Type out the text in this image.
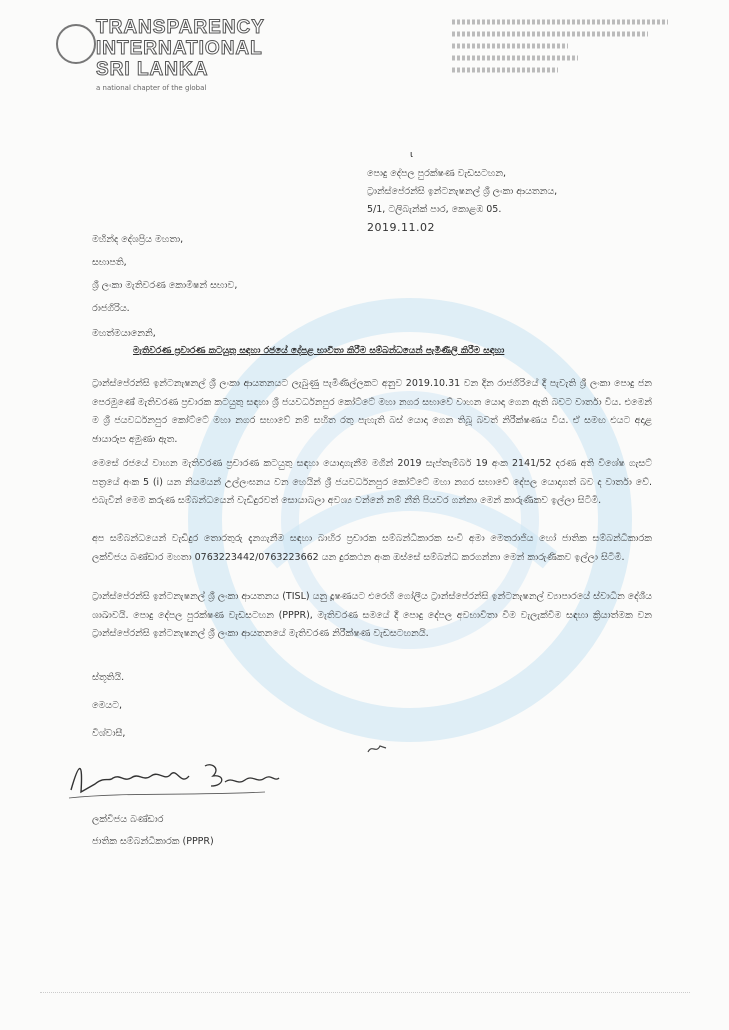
TRANSPARENCY
INTERNATIONAL
SRI LANKA
a national chapter of the global
ɩ
පොදු දේපල පුරක්ෂණ වැඩසටහන,
ට්‍රාන්ස්පේරන්සි ඉන්ටනැෂනල් ශ්‍රී ලංකා ආයතනය,
5/1, ටලිබැන්ක් පාර, කොළඹ 05.
2019.11.02
මහින්ද දේශප්‍රිය මහතා,
සභාපති,
ශ්‍රී ලංකා මැතිවරණ කොමිෂන් සභාව,
රාජගිරිය.
මහත්මයානෙනි,
මැතිවරණ ප්‍රචාරණ කටයුතු සඳහා රජයේ දේපළ භාවිතා කිරීම සම්බන්ධයෙන් පැමිණිලි කිරීම සඳහා
ට්‍රාන්ස්පේරන්සි ඉන්ටනැෂනල් ශ්‍රී ලංකා ආයතනයට ලැබුණු පැමිණිල්ලකට අනුව 2019.10.31 වන දින රාජගිරියේ දී පැවැති ශ්‍රී ලංකා පොදු ජන පෙරමුණේ මැතිවරණ ප්‍රචාරක කටයුතු සඳහා ශ්‍රී ජයවර්ධනපුර කෝට්ටේ මහා නගර සභාවේ වාහන යොදා ගෙන ඇති බවට වාර්තා විය. එමෙන් ම ශ්‍රී ජයවර්ධනපුර කෝට්ටේ මහා නගර සභාවේ නම් සහිත රතු පැහැති බස් යොදා ගෙන තිබූ බවත් නිරීක්ෂණය විය. ඒ සමඟ එයට අදාළ ඡායාරූප අමුණා ඇත.
මෙසේ රජයේ වාහන මැතිවරණ ප්‍රචාරණ කටයුතු සඳහා යොදාගැනීම මගින් 2019 සැප්තැම්බර් 19 අංක 2141/52 දරණ අති විශේෂ ගැසට් පත්‍රයේ අංක 5 (i) යන නියමයන් උල්ලංඝනය වන හෙයින් ශ්‍රී ජයවර්ධනපුර කෝට්ටේ මහා නගර සභාවේ දේපල යොදාගත් බව ද වාර්තා වේ. එබැවින් මෙම කරුණ සම්බන්ධයෙන් වැඩිදුරවත් සොයාබලා අවශ්‍ය වන්නේ නම් නීති පියවර ගන්නා මෙන් කාරුණිකව ඉල්ලා සිටිමි.
අප සම්බන්ධයෙන් වැඩිදුර තොරතුරු දැනගැනීම සඳහා බාහිර ප්‍රචාරක සම්බන්ධීකාරක සංවි අමා මෙතරාජිය හෝ ජාතික සම්බන්ධීකාරක ලක්විජය බණ්ඩාර මහතා 0763223442/0763223662 යන දුරකථන අංක ඔස්සේ සම්බන්ධ කරගන්නා මෙන් කාරුණිකව ඉල්ලා සිටිමි.
ට්‍රාන්ස්පේරන්සි ඉන්ටනැෂනල් ශ්‍රී ලංකා ආයතනය (TISL) යනු දූෂණයට එරෙහි ගෝලීය ට්‍රාන්ස්පේරන්සි ඉන්ටනැෂනල් ව්‍යාපාරයේ ස්වාධීන දේශීය ශාඛාවයි. පොදු දේපල පුරක්ෂණ වැඩසටහන (PPPR), මැතිවරණ සමයේ දී පොදු දේපල අවභාවිතා වීම වැලැක්වීම සඳහා ක්‍රියාත්මක වන ට්‍රාන්ස්පේරන්සි ඉන්ටනැෂනල් ශ්‍රී ලංකා ආයතනයේ මැතිවරණ නිරීක්ෂණ වැඩසටහනයි.
ස්තූතියි.
මෙයට,
විශ්වාසී,
ලක්විජය බණ්ඩාර
ජාතික සම්බන්ධීකාරක (PPPR)
